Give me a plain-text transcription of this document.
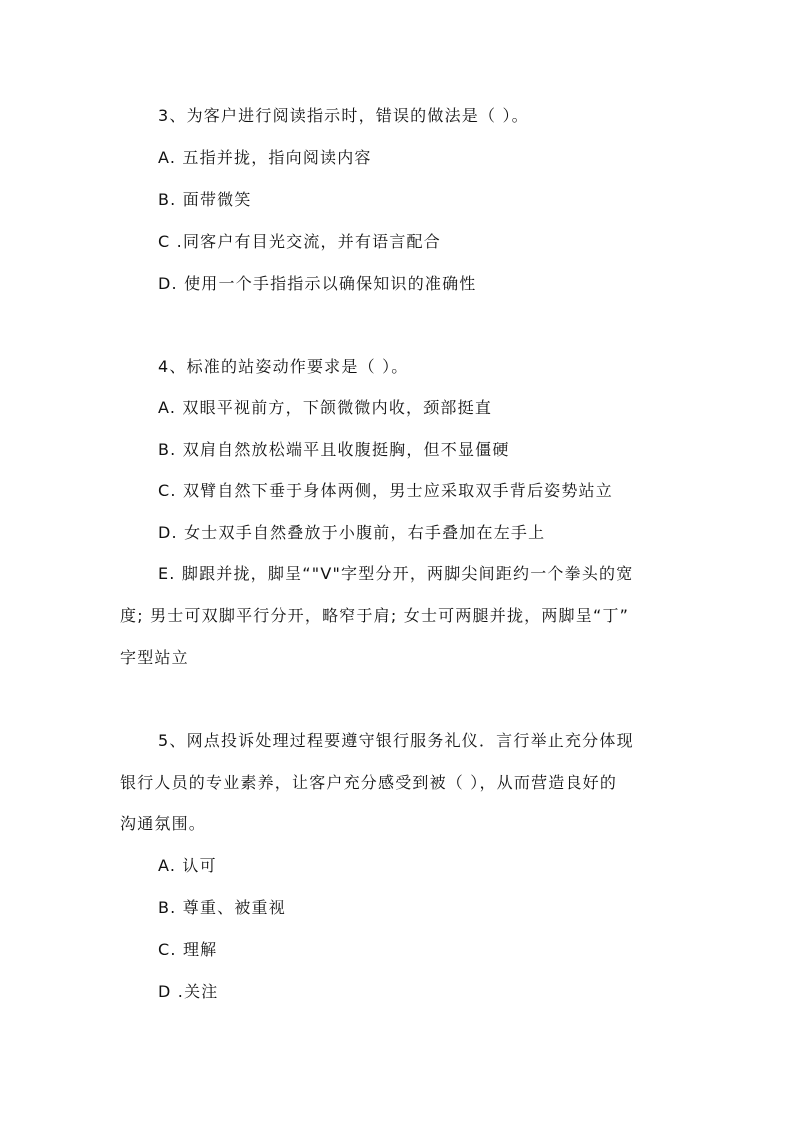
3、为客户进行阅读指示时，错误的做法是（ ）。
A. 五指并拢，指向阅读内容
B. 面带微笑
C .同客户有目光交流，并有语言配合
D. 使用一个手指指示以确保知识的准确性
4、标准的站姿动作要求是（ ）。
A. 双眼平视前方，下颌微微内收，颈部挺直
B. 双肩自然放松端平且收腹挺胸，但不显僵硬
C. 双臂自然下垂于身体两侧，男士应采取双手背后姿势站立
D. 女士双手自然叠放于小腹前，右手叠加在左手上
E. 脚跟并拢，脚呈“"V"字型分开，两脚尖间距约一个拳头的宽
度; 男士可双脚平行分开，略窄于肩; 女士可两腿并拢，两脚呈“丁”
字型站立
5、网点投诉处理过程要遵守银行服务礼仪．言行举止充分体现
银行人员的专业素养，让客户充分感受到被（ ），从而营造良好的
沟通氛围。
A. 认可
B. 尊重、被重视
C. 理解
D .关注
